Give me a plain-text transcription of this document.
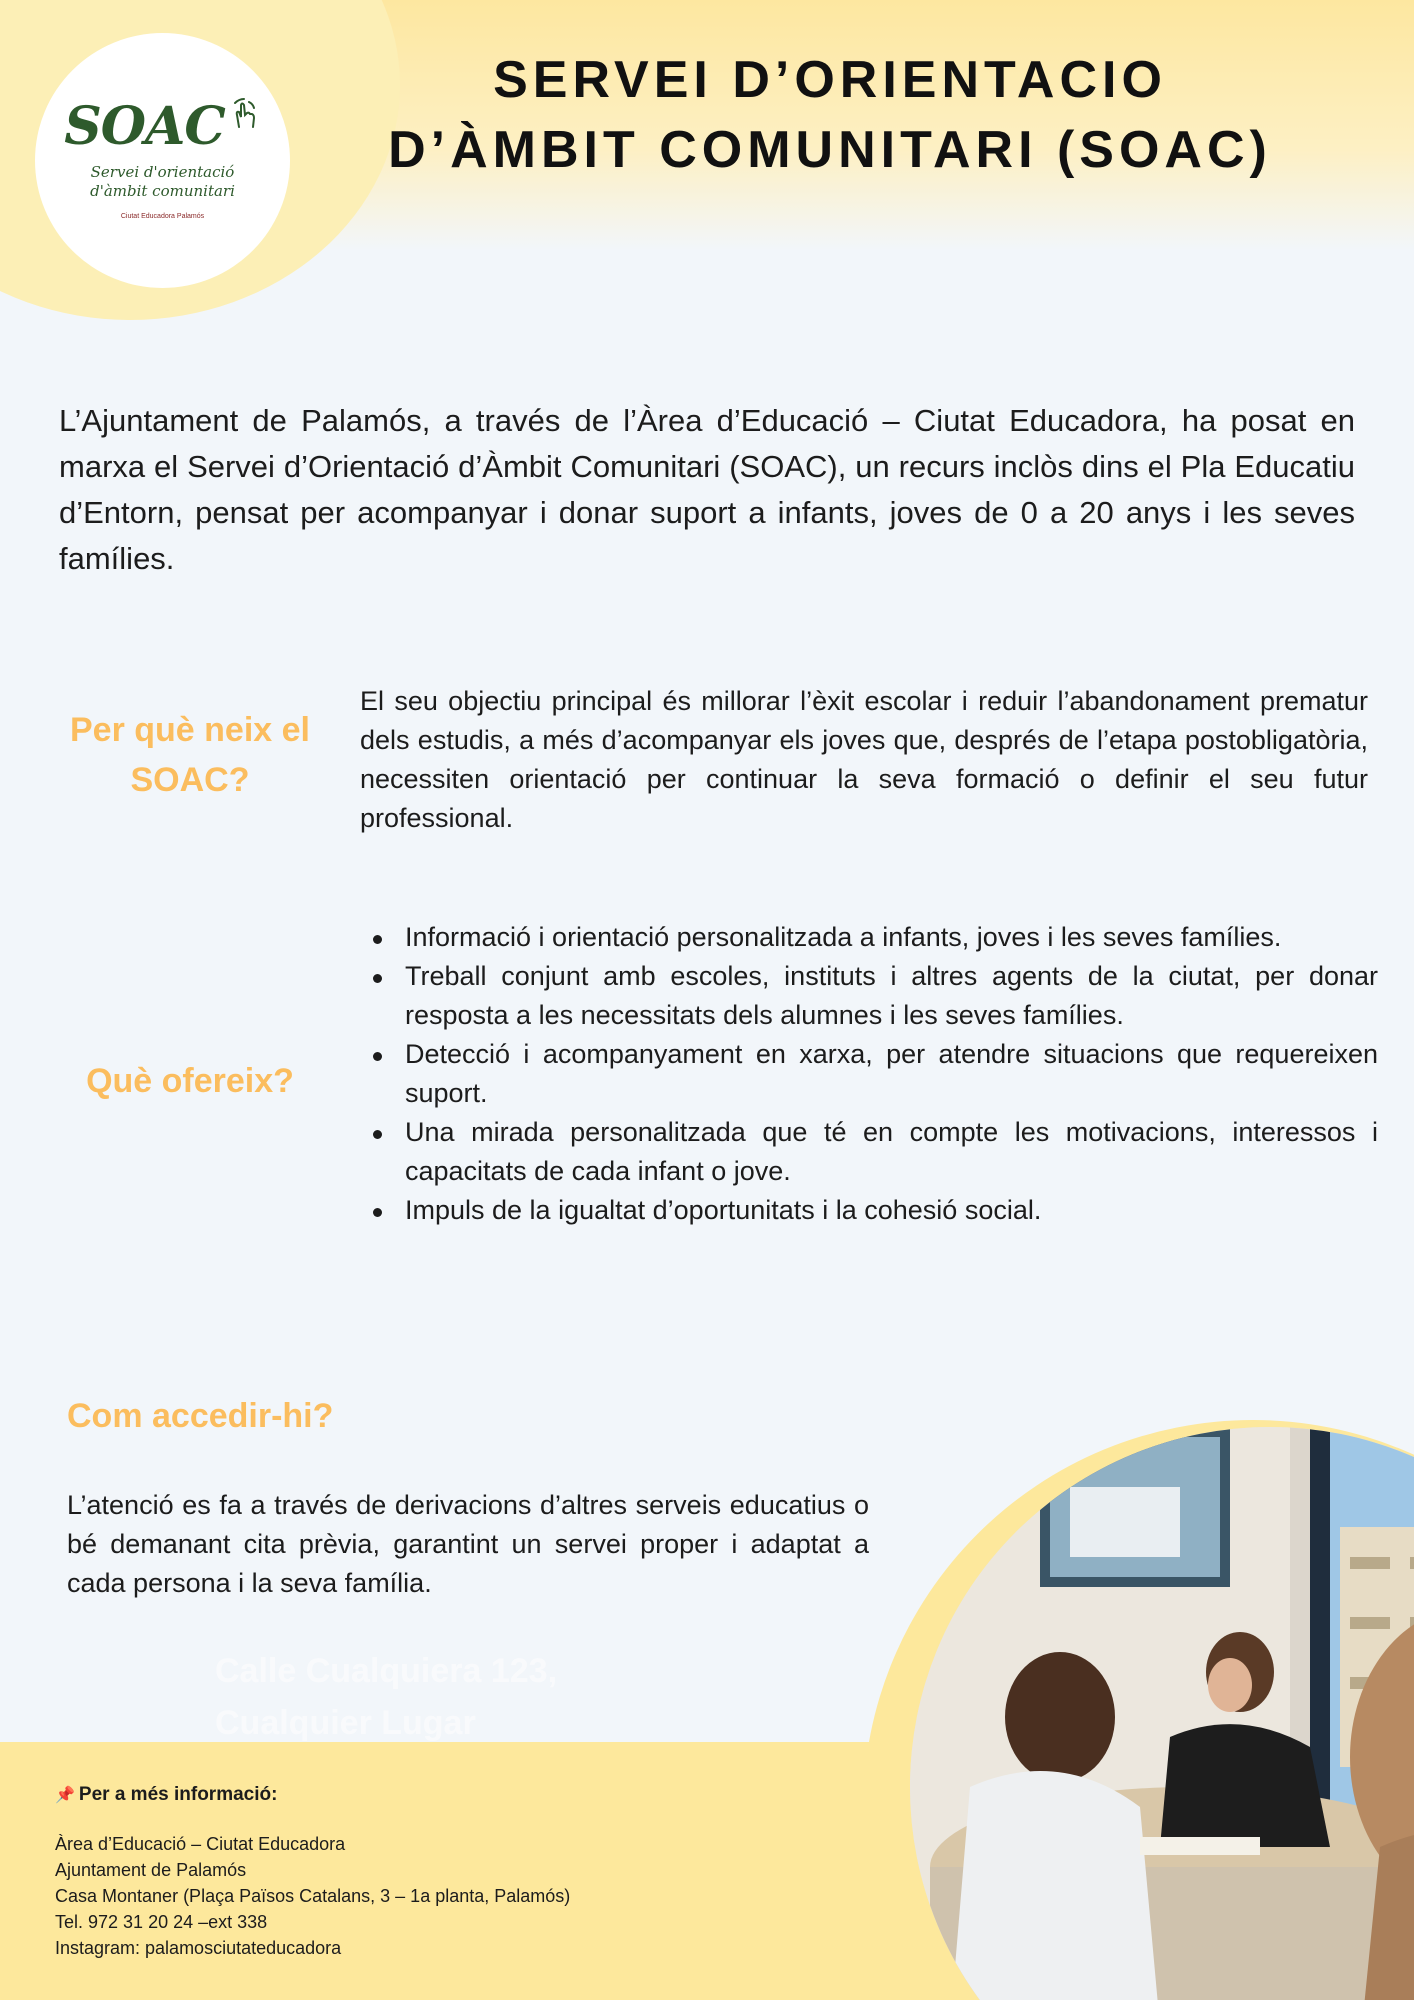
SOAC
Servei d'orientació
d'àmbit comunitari
Ciutat Educadora Palamós
SERVEI D’ORIENTACIO
D’ÀMBIT COMUNITARI (SOAC)

L’Ajuntament de Palamós, a través de l’Àrea d’Educació – Ciutat Educadora, ha posat en marxa el Servei d’Orientació d’Àmbit Comunitari (SOAC), un recurs inclòs dins el Pla Educatiu d’Entorn, pensat per acompanyar i donar suport a infants, joves de 0 a 20 anys i les seves famílies.

Per què neix el SOAC?

El seu objectiu principal és millorar l’èxit escolar i reduir l’abandonament prematur dels estudis, a més d’acompanyar els joves que, després de l’etapa postobligatòria, necessiten orientació per continuar la seva formació o definir el seu futur professional.

Què ofereix?
Informació i orientació personalitzada a infants, joves i les seves famílies.
Treball conjunt amb escoles, instituts i altres agents de la ciutat, per donar resposta a les necessitats dels alumnes i les seves famílies.
Detecció i acompanyament en xarxa, per atendre situacions que requereixen suport.
Una mirada personalitzada que té en compte les motivacions, interessos i capacitats de cada infant o jove.
Impuls de la igualtat d’oportunitats i la cohesió social.
Com accedir-hi?

L’atenció es fa a través de derivacions d’altres serveis educatius o bé demanant cita prèvia, garantint un servei proper i adaptat a cada persona i la seva família.

Calle Cualquiera 123,
Cualquier Lugar
📌 Per a més informació:
Àrea d’Educació – Ciutat Educadora
Ajuntament de Palamós
Casa Montaner (Plaça Països Catalans, 3 – 1a planta, Palamós)
Tel. 972 31 20 24 –ext 338
Instagram: palamosciutateducadora
